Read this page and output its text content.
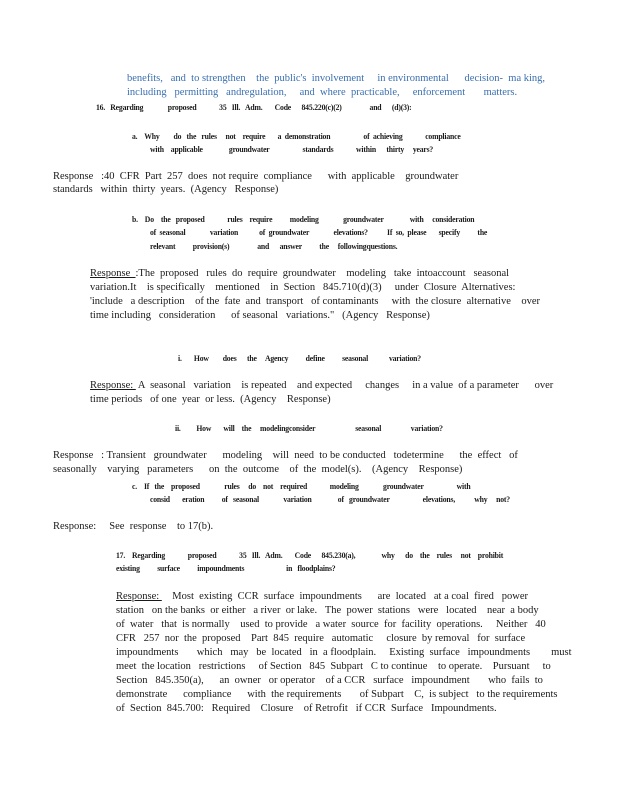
benefits,   and  to strengthen    the  public's  involvement     in environmental      decision-  ma king,
including   permitting   andregulation,     and  where  practicable,     enforcement       matters.
16.   Regarding              proposed             35   Ill.   Adm.       Code      845.220(c)(2)                and      (d)(3):
a.    Why        do   the   rules     not    require       a  demonstration                   of  achieving             compliance
with    applicable               groundwater                   standards             within      thirty     years?
Response   :40  CFR  Part  257  does  not require  compliance      with  applicable    groundwater
standards   within  thirty  years.  (Agency   Response)
b.    Do    the   proposed             rules    require          modeling              groundwater               with     consideration
of  seasonal              variation            of  groundwater              elevations?           If  so,  please       specify          the
relevant          provision(s)                and      answer          the     followingquestions.
Response  :The  proposed   rules  do  require  groundwater    modeling   take  intoaccount   seasonal
variation.It    is specifically    mentioned    in  Section   845.710(d)(3)     under  Closure  Alternatives:
'include   a description    of the  fate  and  transport   of contaminants     with  the closure  alternative    over
time including   consideration      of seasonal   variations."   (Agency   Response)
i.       How        does      the     Agency          define          seasonal            variation?
Response:  A  seasonal   variation    is repeated    and expected     changes     in a value  of a parameter      over
time periods   of one  year  or less.  (Agency    Response)
ii.         How       will    the     modelingconsider                       seasonal                 variation?
Response   : Transient   groundwater      modeling    will  need  to be conducted   todetermine      the  effect   of
seasonally    varying   parameters      on  the  outcome    of  the  model(s).    (Agency    Response)
c.    If   the    proposed              rules     do    not    required             modeling              groundwater                   with
consid       eration          of   seasonal              variation               of   groundwater                   elevations,           why     not?
Response:     See  response    to 17(b).
17.    Regarding             proposed             35   Ill.   Adm.       Code      845.230(a),               why      do    the    rules     not    prohibit
existing          surface          impoundments                        in   floodplains?
Response:     Most  existing  CCR  surface  impoundments      are  located   at a coal  fired   power
station   on the banks  or either   a river  or lake.   The  power  stations   were   located    near  a body
of  water   that  is normally    used  to provide   a water  source  for  facility  operations.     Neither   40
CFR   257  nor  the  proposed    Part  845  require   automatic     closure  by removal   for  surface
impoundments       which   may   be  located   in  a floodplain.     Existing  surface   impoundments        must
meet  the location   restrictions     of Section   845  Subpart   C to continue    to operate.    Pursuant     to
Section   845.350(a),      an  owner   or operator    of a CCR   surface   impoundment       who  fails  to
demonstrate      compliance      with  the requirements       of Subpart    C,  is subject   to the requirements
of  Section  845.700:   Required    Closure    of Retrofit   if CCR  Surface   Impoundments.
